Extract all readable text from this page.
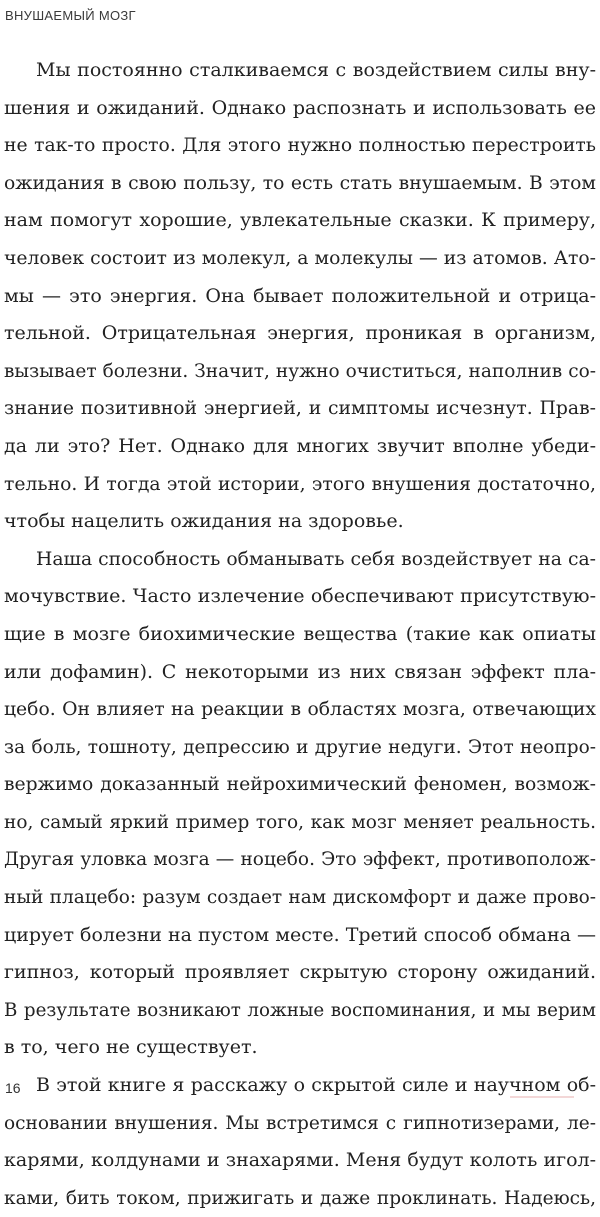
ВНУШАЕМЫЙ МОЗГ
Мы постоянно сталкиваемся с воздействием силы вну-
шения и ожиданий. Однако распознать и использовать ее
не так-то просто. Для этого нужно полностью перестроить
ожидания в свою пользу, то есть стать внушаемым. В этом
нам помогут хорошие, увлекательные сказки. К примеру,
человек состоит из молекул, а молекулы — из атомов. Ато-
мы — это энергия. Она бывает положительной и отрица-
тельной. Отрицательная энергия, проникая в организм,
вызывает болезни. Значит, нужно очиститься, наполнив со-
знание позитивной энергией, и симптомы исчезнут. Прав-
да ли это? Нет. Однако для многих звучит вполне убеди-
тельно. И тогда этой истории, этого внушения достаточно,
чтобы нацелить ожидания на здоровье.
Наша способность обманывать себя воздействует на са-
мочувствие. Часто излечение обеспечивают присутствую-
щие в мозге биохимические вещества (такие как опиаты
или дофамин). С некоторыми из них связан эффект пла-
цебо. Он влияет на реакции в областях мозга, отвечающих
за боль, тошноту, депрессию и другие недуги. Этот неопро-
вержимо доказанный нейрохимический феномен, возмож-
но, самый яркий пример того, как мозг меняет реальность.
Другая уловка мозга — ноцебо. Это эффект, противополож-
ный плацебо: разум создает нам дискомфорт и даже прово-
цирует болезни на пустом месте. Третий способ обмана —
гипноз, который проявляет скрытую сторону ожиданий.
В результате возникают ложные воспоминания, и мы верим
в то, чего не существует.
В этой книге я расскажу о скрытой силе и научном об-
основании внушения. Мы встретимся с гипнотизерами, ле-
карями, колдунами и знахарями. Меня будут колоть игол-
ками, бить током, прижигать и даже проклинать. Надеюсь,
16
